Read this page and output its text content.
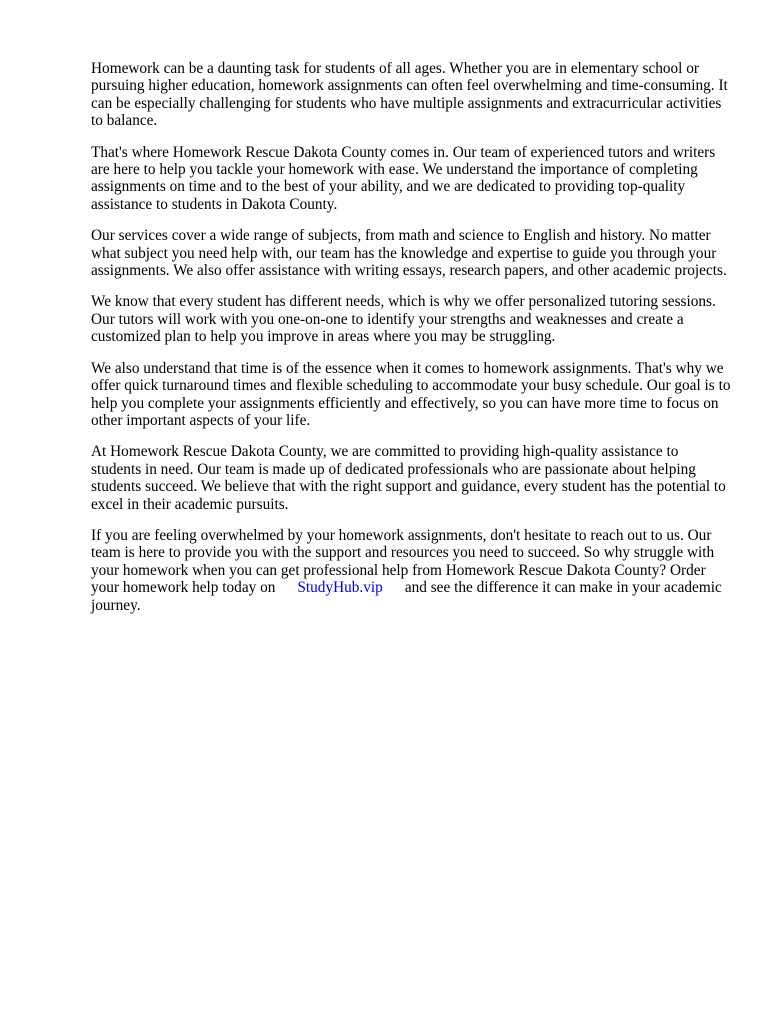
Homework can be a daunting task for students of all ages. Whether you are in elementary school or pursuing higher education, homework assignments can often feel overwhelming and time-consuming. It can be especially challenging for students who have multiple assignments and extracurricular activities to balance.

That's where Homework Rescue Dakota County comes in. Our team of experienced tutors and writers are here to help you tackle your homework with ease. We understand the importance of completing assignments on time and to the best of your ability, and we are dedicated to providing top-quality assistance to students in Dakota County.

Our services cover a wide range of subjects, from math and science to English and history. No matter what subject you need help with, our team has the knowledge and expertise to guide you through your assignments. We also offer assistance with writing essays, research papers, and other academic projects.

We know that every student has different needs, which is why we offer personalized tutoring sessions. Our tutors will work with you one-on-one to identify your strengths and weaknesses and create a customized plan to help you improve in areas where you may be struggling.

We also understand that time is of the essence when it comes to homework assignments. That's why we offer quick turnaround times and flexible scheduling to accommodate your busy schedule. Our goal is to help you complete your assignments efficiently and effectively, so you can have more time to focus on other important aspects of your life.

At Homework Rescue Dakota County, we are committed to providing high-quality assistance to students in need. Our team is made up of dedicated professionals who are passionate about helping students succeed. We believe that with the right support and guidance, every student has the potential to excel in their academic pursuits.

If you are feeling overwhelmed by your homework assignments, don't hesitate to reach out to us. Our team is here to provide you with the support and resources you need to succeed. So why struggle with your homework when you can get professional help from Homework Rescue Dakota County? Order your homework help today on StudyHub.vip and see the difference it can make in your academic journey.
